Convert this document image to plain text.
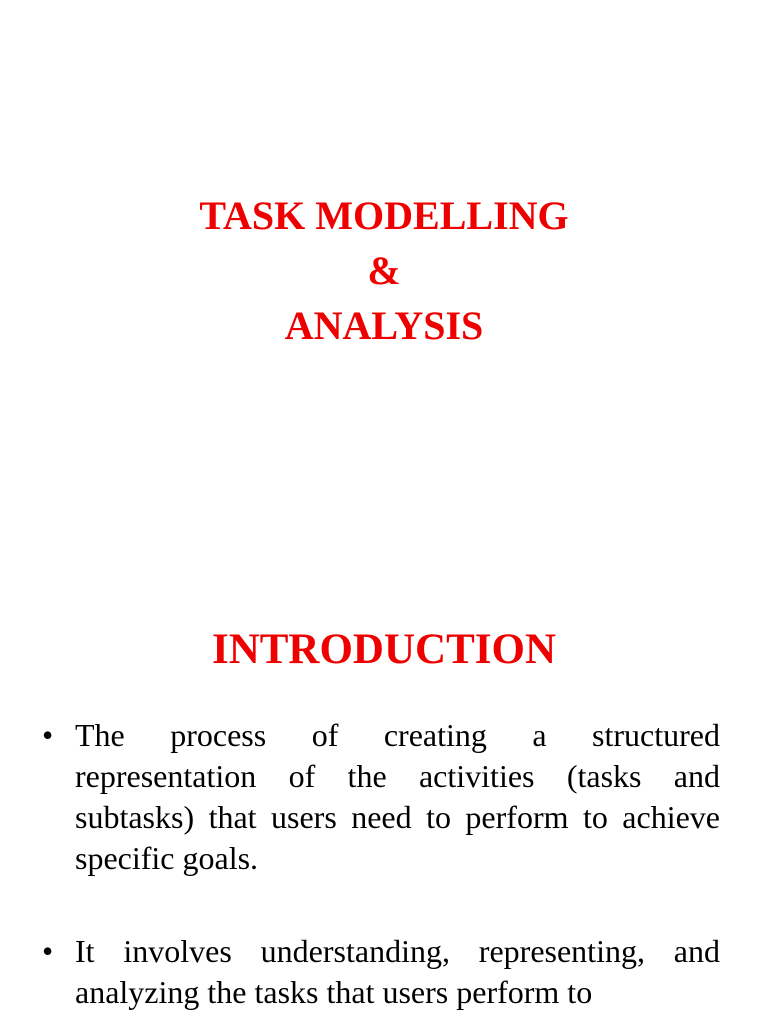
TASK MODELLING
&
ANALYSIS
INTRODUCTION
• The process of creating a structured representation of the activities (tasks and subtasks) that users need to perform to achieve specific goals.
• It involves understanding, representing, and analyzing the tasks that users perform to
